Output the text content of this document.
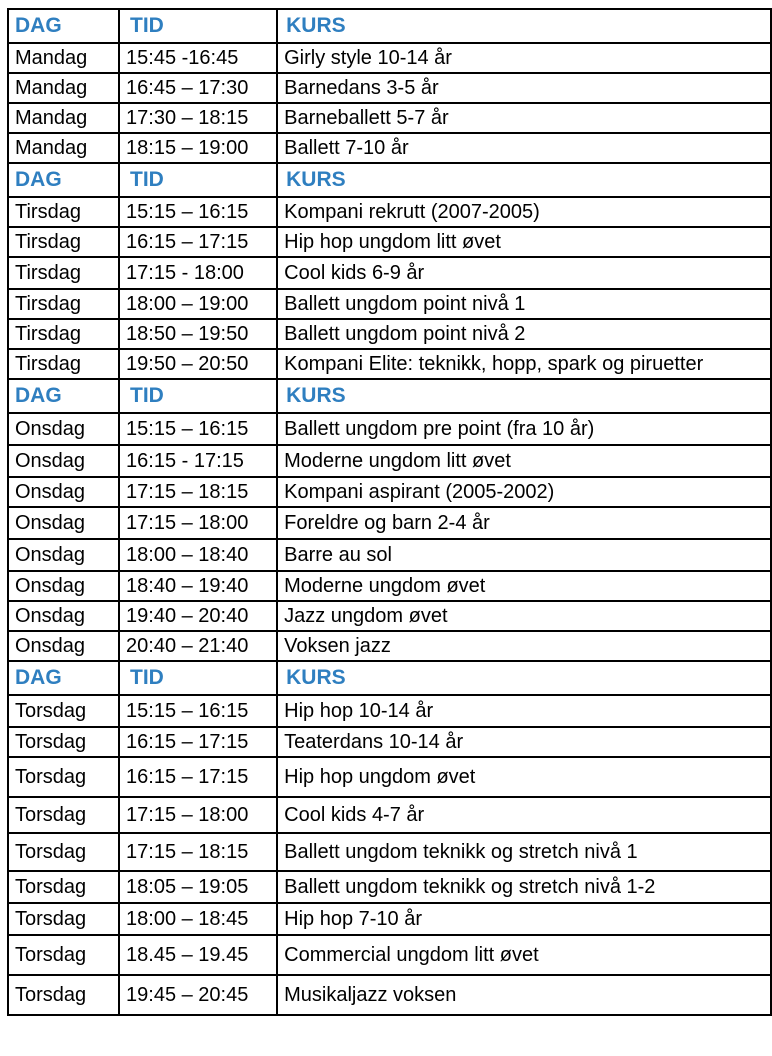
DAG	TID	KURS
Mandag	15:45 -16:45	Girly style 10-14 år
Mandag	16:45 – 17:30	Barnedans 3-5 år
Mandag	17:30 – 18:15	Barneballett 5-7 år
Mandag	18:15 – 19:00	Ballett 7-10 år
DAG	TID	KURS
Tirsdag	15:15 – 16:15	Kompani rekrutt (2007-2005)
Tirsdag	16:15 – 17:15	Hip hop ungdom litt øvet
Tirsdag	17:15 - 18:00	Cool kids 6-9 år
Tirsdag	18:00 – 19:00	Ballett ungdom point nivå 1
Tirsdag	18:50 – 19:50	Ballett ungdom point nivå 2
Tirsdag	19:50 – 20:50	Kompani Elite: teknikk, hopp, spark og piruetter
DAG	TID	KURS
Onsdag	15:15 – 16:15	Ballett ungdom pre point (fra 10 år)
Onsdag	16:15 - 17:15	Moderne ungdom litt øvet
Onsdag	17:15 – 18:15	Kompani aspirant (2005-2002)
Onsdag	17:15 – 18:00	Foreldre og barn 2-4 år
Onsdag	18:00 – 18:40	Barre au sol
Onsdag	18:40 – 19:40	Moderne ungdom øvet
Onsdag	19:40 – 20:40	Jazz ungdom øvet
Onsdag	20:40 – 21:40	Voksen jazz
DAG	TID	KURS
Torsdag	15:15 – 16:15	Hip hop 10-14 år
Torsdag	16:15 – 17:15	Teaterdans 10-14 år
Torsdag	16:15 – 17:15	Hip hop ungdom øvet
Torsdag	17:15 – 18:00	Cool kids 4-7 år
Torsdag	17:15 – 18:15	Ballett ungdom teknikk og stretch nivå 1
Torsdag	18:05 – 19:05	Ballett ungdom teknikk og stretch nivå 1-2
Torsdag	18:00 – 18:45	Hip hop 7-10 år
Torsdag	18.45 – 19.45	Commercial ungdom litt øvet
Torsdag	19:45 – 20:45	Musikaljazz voksen
